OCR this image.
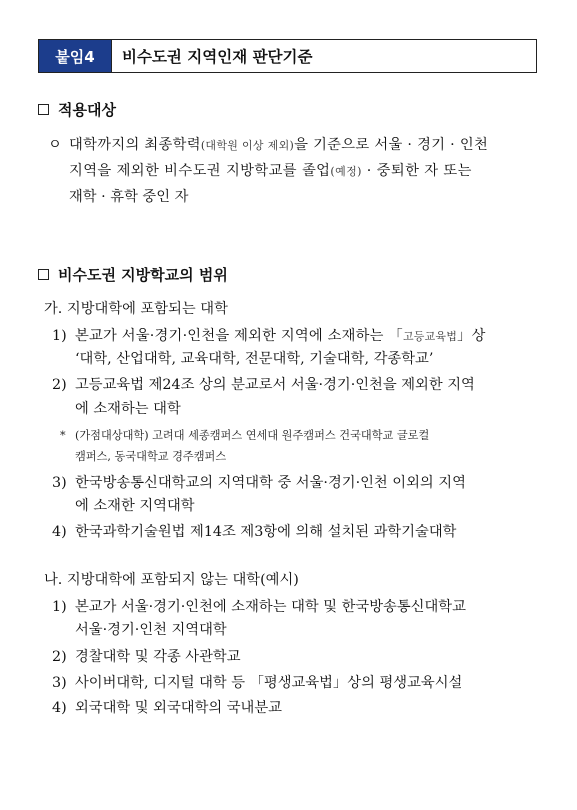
붙임4	비수도권 지역인재 판단기준
적용대상
ㅇ 대학까지의 최종학력(대학원 이상 제외)을 기준으로 서울 · 경기 · 인천
지역을 제외한 비수도권 지방학교를 졸업(예정) · 중퇴한 자 또는
재학 · 휴학 중인 자
비수도권 지방학교의 범위
가. 지방대학에 포함되는 대학
1) 본교가 서울·경기·인천을 제외한 지역에 소재하는 「고등교육법」상
‘대학, 산업대학, 교육대학, 전문대학, 기술대학, 각종학교’
2) 고등교육법 제24조 상의 분교로서 서울·경기·인천을 제외한 지역
에 소재하는 대학
* (가점대상대학) 고려대 세종캠퍼스 연세대 원주캠퍼스 건국대학교 글로컬
캠퍼스, 동국대학교 경주캠퍼스
3) 한국방송통신대학교의 지역대학 중 서울·경기·인천 이외의 지역
에 소재한 지역대학
4) 한국과학기술원법 제14조 제3항에 의해 설치된 과학기술대학
나. 지방대학에 포함되지 않는 대학(예시)
1) 본교가 서울·경기·인천에 소재하는 대학 및 한국방송통신대학교
서울·경기·인천 지역대학
2) 경찰대학 및 각종 사관학교
3) 사이버대학, 디지털 대학 등 「평생교육법」상의 평생교육시설
4) 외국대학 및 외국대학의 국내분교
